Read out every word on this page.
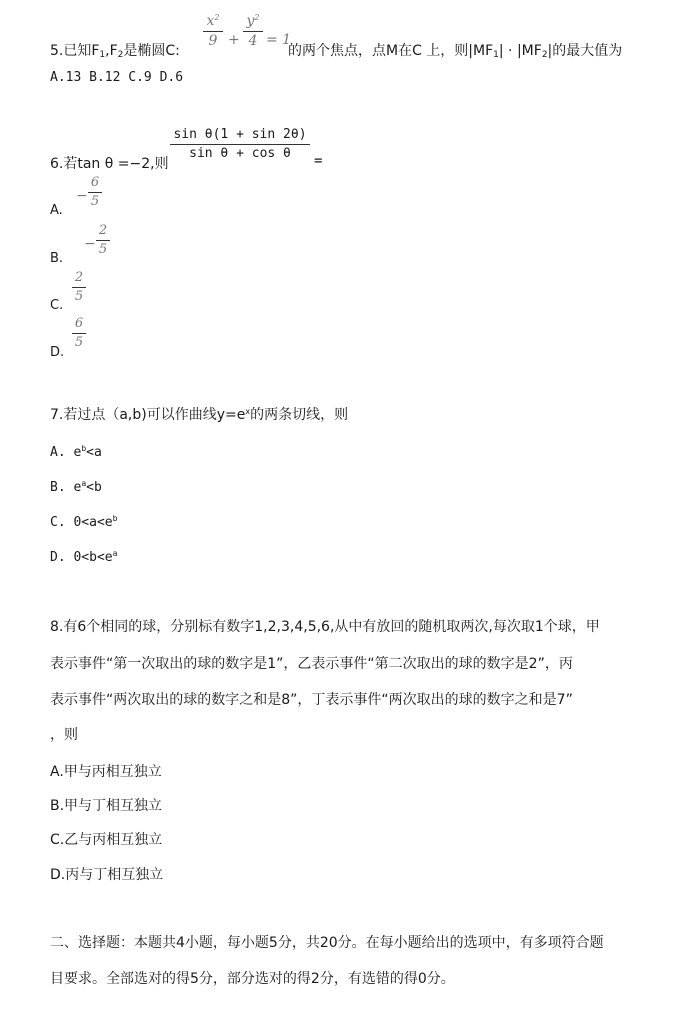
5.已知$F_1,F_2$是椭圆C:
$x^2$
9 +
$y^2$
4 = 1
的两个焦点，点M在C 上，则$|MF_1| \cdot |MF_2|$的最大值为
A.13 B.12 C.9 D.6
6.若tan θ =−2,则
sin θ(1 + sin 2θ)
sin θ + cos θ	=
A.
−
6
5
B.
−
2
5
C.
2
5
D.
6
5
7.若过点（a,b)可以作曲线$y=e^x$的两条切线，则
A. $e^b<a$
B. $e^a<b$
C. $0<a<e^b$
D. $0<b<e^a$
8.有6个相同的球，分别标有数字1,2,3,4,5,6,从中有放回的随机取两次,每次取1个球，甲
表示事件“第一次取出的球的数字是1”，乙表示事件“第二次取出的球的数字是2”，丙
表示事件“两次取出的球的数字之和是8”，丁表示事件“两次取出的球的数字之和是7”
，则
A.甲与丙相互独立
B.甲与丁相互独立
C.乙与丙相互独立
D.丙与丁相互独立
二、选择题：本题共4小题，每小题5分，共20分。在每小题给出的选项中，有多项符合题
目要求。全部选对的得5分，部分选对的得2分，有选错的得0分。
